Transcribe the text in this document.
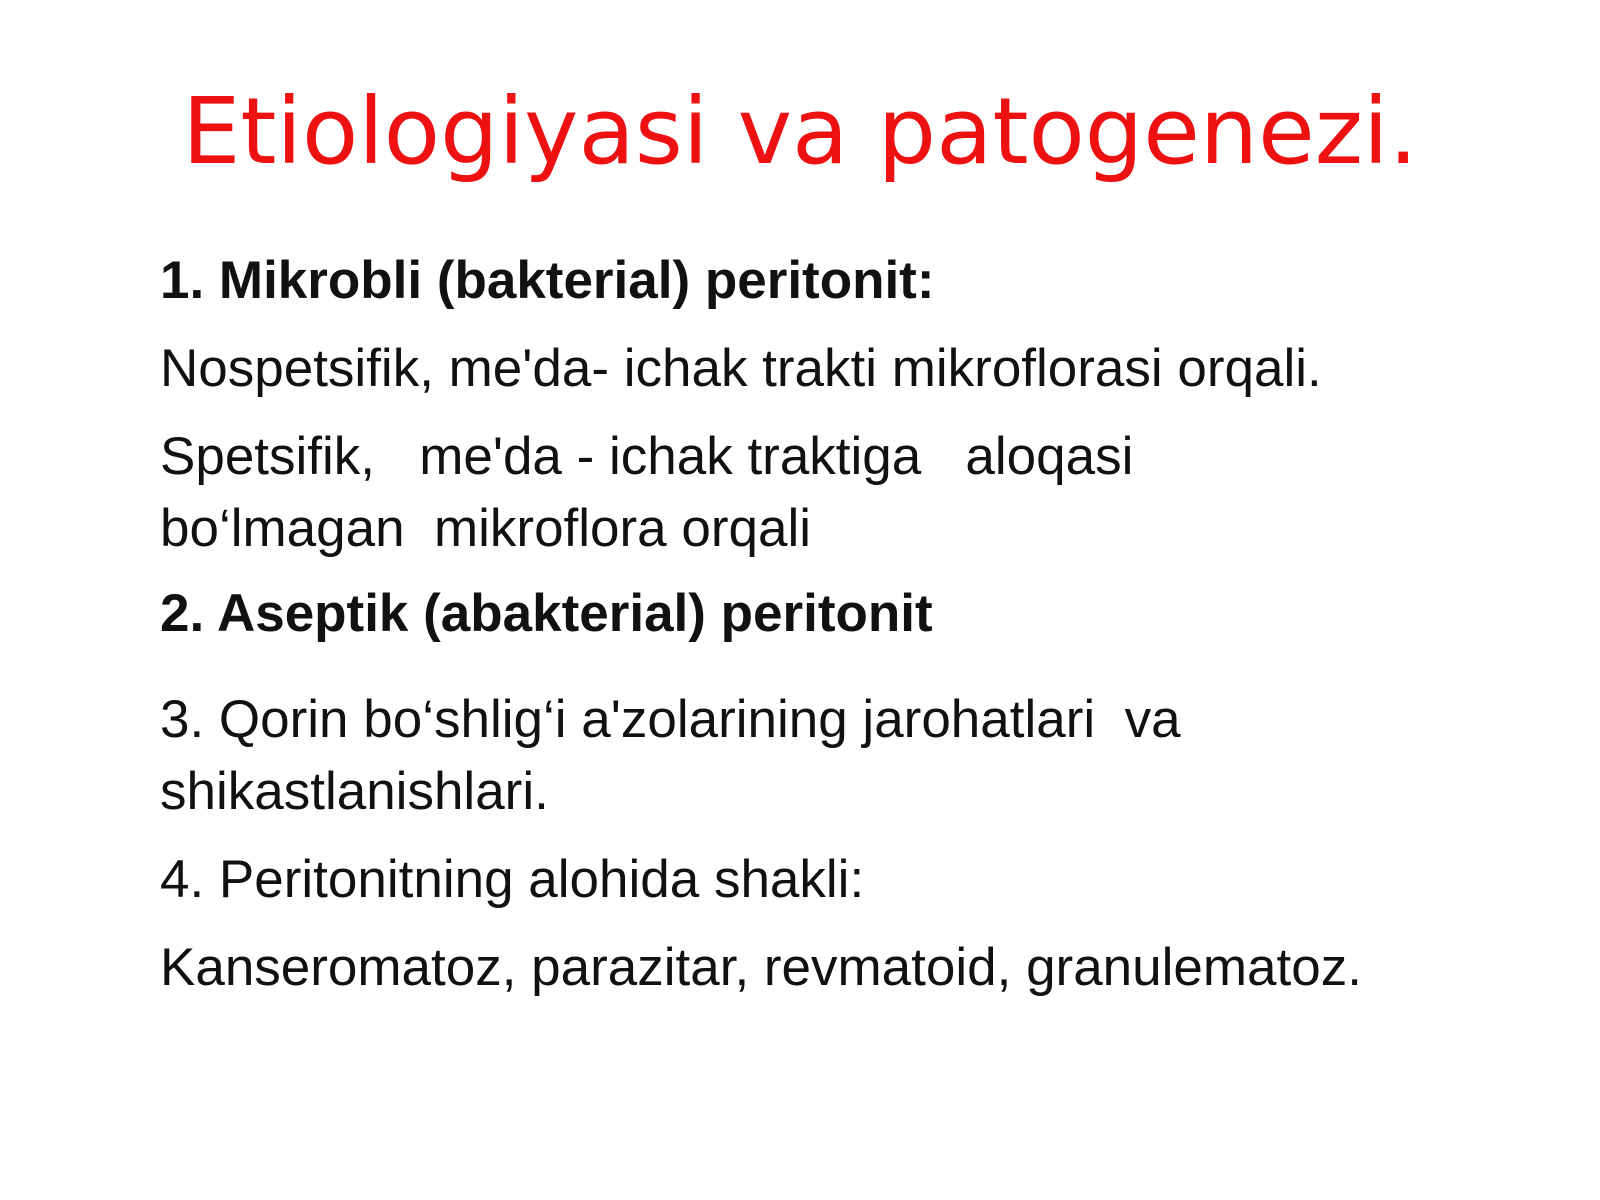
Etiologiyasi va patogenezi.
1. Mikrobli (bakterial) peritonit:
Nospetsifik, me'da- ichak trakti mikroflorasi orqali.
Spetsifik,   me'da - ichak traktiga   aloqasi
bo‘lmagan  mikroflora orqali
2. Aseptik (abakterial) peritonit
3. Qorin bo‘shlig‘i a'zolarining jarohatlari  va
shikastlanishlari.
4. Peritonitning alohida shakli:
Kanseromatoz, parazitar, revmatoid, granulematoz.
